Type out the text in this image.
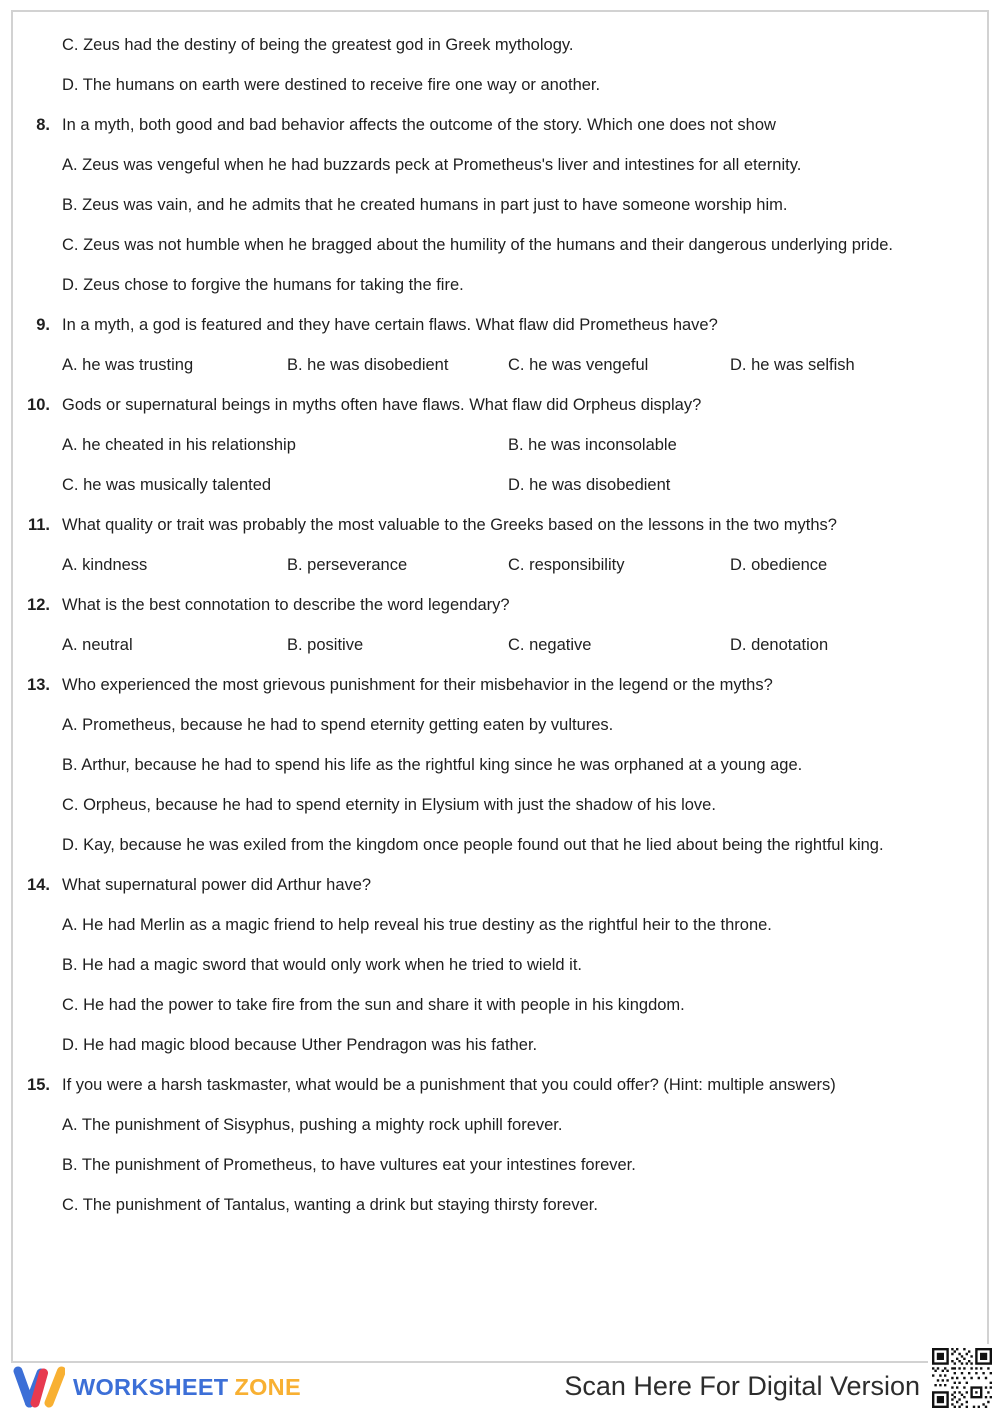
C. Zeus had the destiny of being the greatest god in Greek mythology.
D. The humans on earth were destined to receive fire one way or another.
8. In a myth, both good and bad behavior affects the outcome of the story. Which one does not show
A. Zeus was vengeful when he had buzzards peck at Prometheus's liver and intestines for all eternity.
B. Zeus was vain, and he admits that he created humans in part just to have someone worship him.
C. Zeus was not humble when he bragged about the humility of the humans and their dangerous underlying pride.
D. Zeus chose to forgive the humans for taking the fire.
9. In a myth, a god is featured and they have certain flaws. What flaw did Prometheus have?
A. he was trusting	B. he was disobedient	C. he was vengeful	D. he was selfish
10. Gods or supernatural beings in myths often have flaws. What flaw did Orpheus display?
A. he cheated in his relationship	B. he was inconsolable
C. he was musically talented	D. he was disobedient
11. What quality or trait was probably the most valuable to the Greeks based on the lessons in the two myths?
A. kindness	B. perseverance	C. responsibility	D. obedience
12. What is the best connotation to describe the word legendary?
A. neutral	B. positive	C. negative	D. denotation
13. Who experienced the most grievous punishment for their misbehavior in the legend or the myths?
A. Prometheus, because he had to spend eternity getting eaten by vultures.
B. Arthur, because he had to spend his life as the rightful king since he was orphaned at a young age.
C. Orpheus, because he had to spend eternity in Elysium with just the shadow of his love.
D. Kay, because he was exiled from the kingdom once people found out that he lied about being the rightful king.
14. What supernatural power did Arthur have?
A. He had Merlin as a magic friend to help reveal his true destiny as the rightful heir to the throne.
B. He had a magic sword that would only work when he tried to wield it.
C. He had the power to take fire from the sun and share it with people in his kingdom.
D. He had magic blood because Uther Pendragon was his father.
15. If you were a harsh taskmaster, what would be a punishment that you could offer? (Hint: multiple answers)
A. The punishment of Sisyphus, pushing a mighty rock uphill forever.
B. The punishment of Prometheus, to have vultures eat your intestines forever.
C. The punishment of Tantalus, wanting a drink but staying thirsty forever.
WORKSHEET ZONE	Scan Here For Digital Version
